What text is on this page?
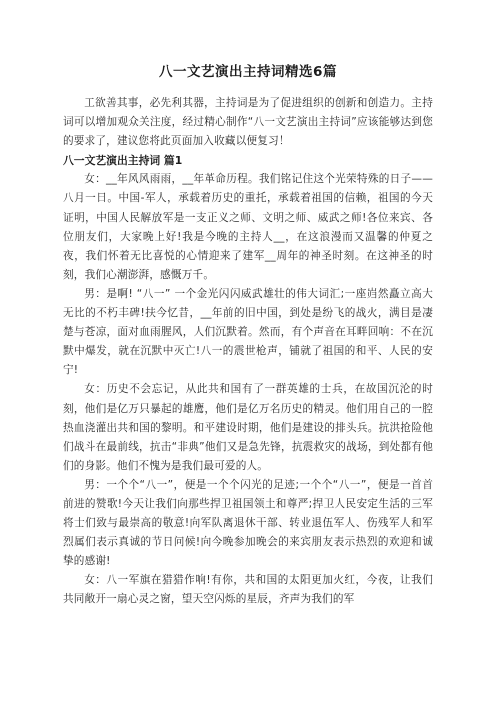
八一文艺演出主持词精选6篇

工欲善其事，必先利其器，主持词是为了促进组织的创新和创造力。主持词可以增加观众关注度，经过精心制作“八一文艺演出主持词”应该能够达到您的要求了，建议您将此页面加入收藏以便复习！

八一文艺演出主持词 篇1

女：__年风风雨雨，__年革命历程。我们铭记住这个光荣特殊的日子——八月一日。中国-军人，承载着历史的重托，承载着祖国的信赖，祖国的今天证明，中国人民解放军是一支正义之师、文明之师、威武之师!各位来宾、各位朋友们，大家晚上好!我是今晚的主持人__，在这浪漫而又温馨的仲夏之夜，我们怀着无比喜悦的心情迎来了建军__周年的神圣时刻。在这神圣的时刻，我们心潮澎湃，感慨万千。

男：是啊! “八一” 一个金光闪闪威武雄壮的伟大词汇;一座岿然矗立高大无比的不朽丰碑!扶今忆昔，__年前的旧中国，到处是纷飞的战火，满目是凄楚与苍凉，面对血雨腥风，人们沉默着。然而，有个声音在耳畔回响：不在沉默中爆发，就在沉默中灭亡!八一的震世枪声，铺就了祖国的和平、人民的安宁!

女：历史不会忘记，从此共和国有了一群英雄的士兵，在故国沉沦的时刻，他们是亿万只暴起的雄鹰，他们是亿万名历史的精灵。他们用自己的一腔热血浇灌出共和国的黎明。和平建设时期，他们是建设的排头兵。抗洪抢险他们战斗在最前线，抗击“非典”他们又是急先锋，抗震救灾的战场，到处都有他们的身影。他们不愧为是我们最可爱的人。

男：一个个“八一”，便是一个个闪光的足迹;一个个“八一”，便是一首首前进的赞歌!今天让我们向那些捍卫祖国领土和尊严;捍卫人民安定生活的三军将士们致与最崇高的敬意!向军队离退休干部、转业退伍军人、伤残军人和军烈属们表示真诚的节日问候!向今晚参加晚会的来宾朋友表示热烈的欢迎和诚挚的感谢!

女：八一军旗在猎猎作响!有你，共和国的太阳更加火红，今夜，让我们共同敞开一扇心灵之窗，望天空闪烁的星辰，齐声为我们的军
